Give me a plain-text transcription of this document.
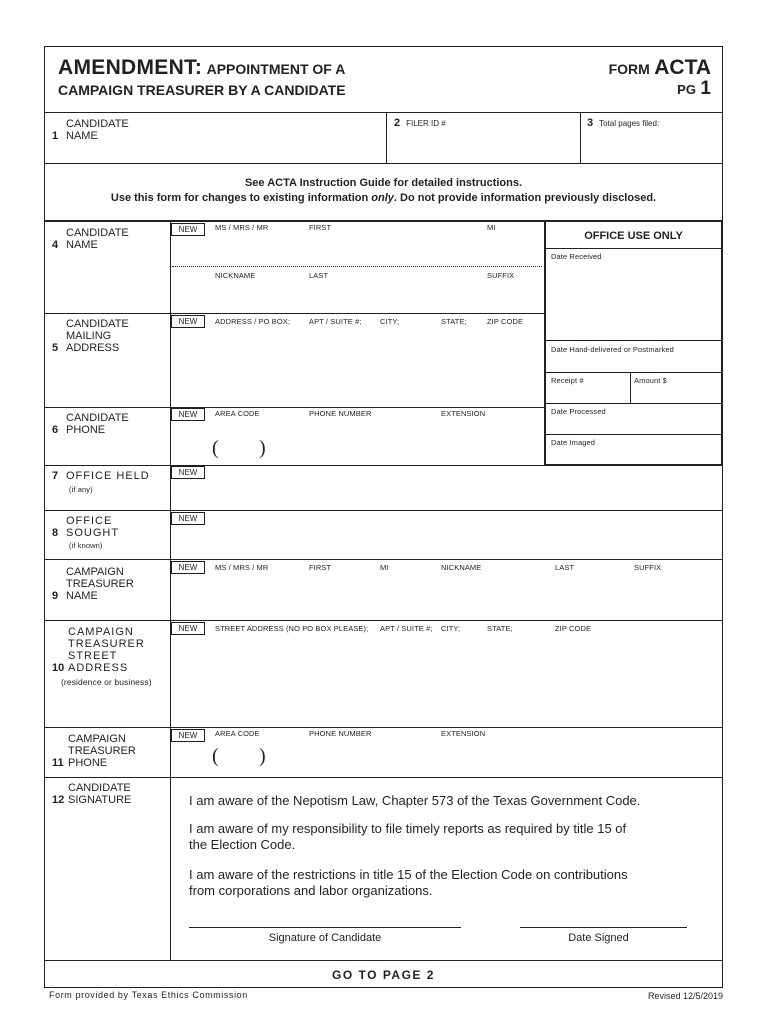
AMENDMENT: APPOINTMENT OF A
CAMPAIGN TREASURER BY A CANDIDATE
FORM ACTA
PG 1
1CANDIDATE NAME
2 FILER ID #	3 Total pages filed:
See ACTA Instruction Guide for detailed instructions.
Use this form for changes to existing information only. Do not provide information previously disclosed.
4CANDIDATE NAME
NEW	MS / MRS / MR	FIRST	MI
NICKNAME	LAST	SUFFIX
5CANDIDATE MAILING ADDRESS
NEW	ADDRESS / PO BOX;	APT / SUITE #; CITY;	STATE;	ZIP CODE
6CANDIDATE PHONE
NEW	AREA CODE	PHONE NUMBER	EXTENSION
( )
OFFICE USE ONLY
Date Received
Date Hand-delivered or Postmarked
Receipt #	Amount $
Date Processed
Date Imaged
7 OFFICE HELD
(if any)
NEW
8OFFICE SOUGHT
(if known)
NEW
9CAMPAIGN TREASURER NAME
NEW	MS / MRS / MR	FIRST	MI	NICKNAME	LAST	SUFFIX
10CAMPAIGN TREASURER STREET ADDRESS
(residence or business)
NEW	STREET ADDRESS (NO PO BOX PLEASE); APT / SUITE #; CITY;	STATE;	ZIP CODE
11CAMPAIGN TREASURER PHONE
NEW	AREA CODE	PHONE NUMBER	EXTENSION
( )
12CANDIDATE SIGNATURE	I am aware of the Nepotism Law, Chapter 573 of the Texas Government Code.
I am aware of my responsibility to file timely reports as required by title 15 of
the Election Code.
I am aware of the restrictions in title 15 of the Election Code on contributions
from corporations and labor organizations.
Signature of Candidate	Date Signed
GO TO PAGE 2
Form provided by Texas Ethics Commission	Revised 12/5/2019
